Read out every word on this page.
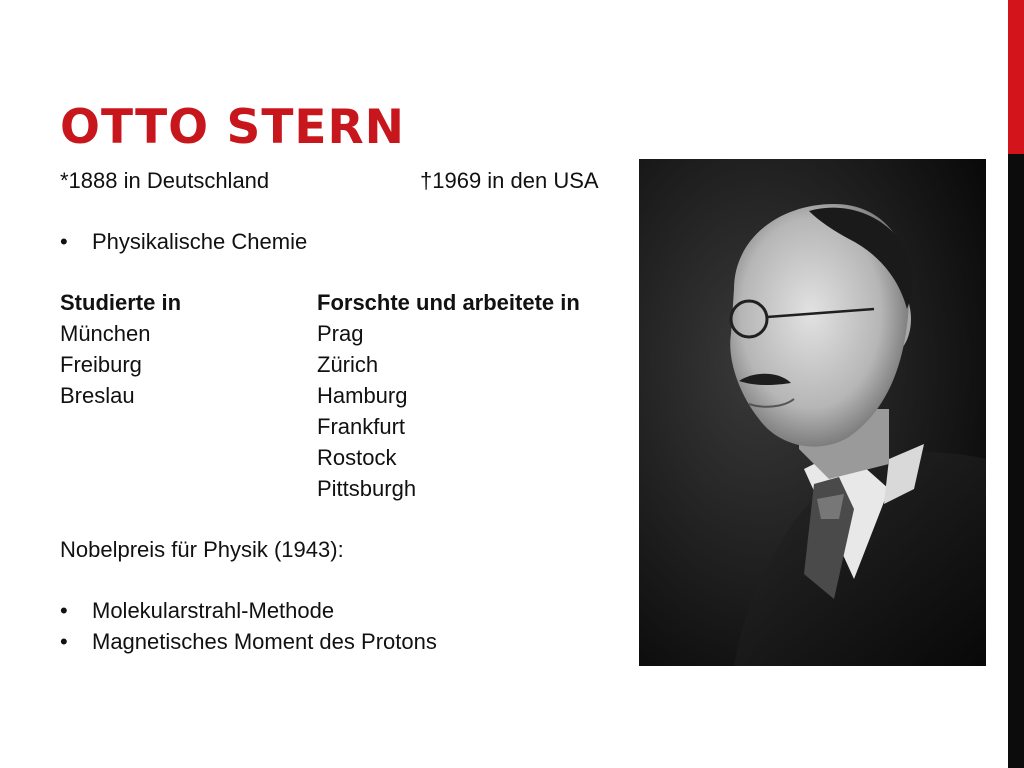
OTTO STERN
*1888 in Deutschland	†1969 in den USA
• Physikalische Chemie
Studierte in	Forschte und arbeitete in
München
Freiburg
Breslau
Prag
Zürich
Hamburg
Frankfurt
Rostock
Pittsburgh
Nobelpreis für Physik (1943):
• Molekularstrahl-Methode
• Magnetisches Moment des Protons
